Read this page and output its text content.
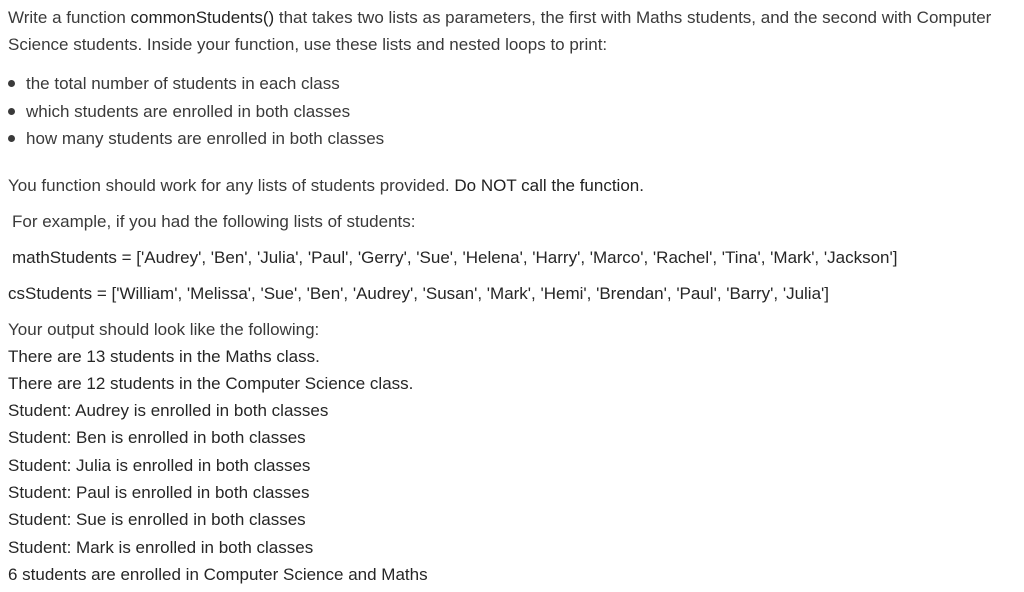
Write a function commonStudents() that takes two lists as parameters, the first with Maths students, and the second with Computer Science students. Inside your function, use these lists and nested loops to print:

the total number of students in each class
which students are enrolled in both classes
how many students are enrolled in both classes

You function should work for any lists of students provided. Do NOT call the function.

For example, if you had the following lists of students:

mathStudents = ['Audrey', 'Ben', 'Julia', 'Paul', 'Gerry', 'Sue', 'Helena', 'Harry', 'Marco', 'Rachel', 'Tina', 'Mark', 'Jackson']

csStudents = ['William', 'Melissa', 'Sue', 'Ben', 'Audrey', 'Susan', 'Mark', 'Hemi', 'Brendan', 'Paul', 'Barry', 'Julia']

Your output should look like the following:

There are 13 students in the Maths class.

There are 12 students in the Computer Science class.

Student: Audrey is enrolled in both classes

Student: Ben is enrolled in both classes

Student: Julia is enrolled in both classes

Student: Paul is enrolled in both classes

Student: Sue is enrolled in both classes

Student: Mark is enrolled in both classes

6 students are enrolled in Computer Science and Maths
